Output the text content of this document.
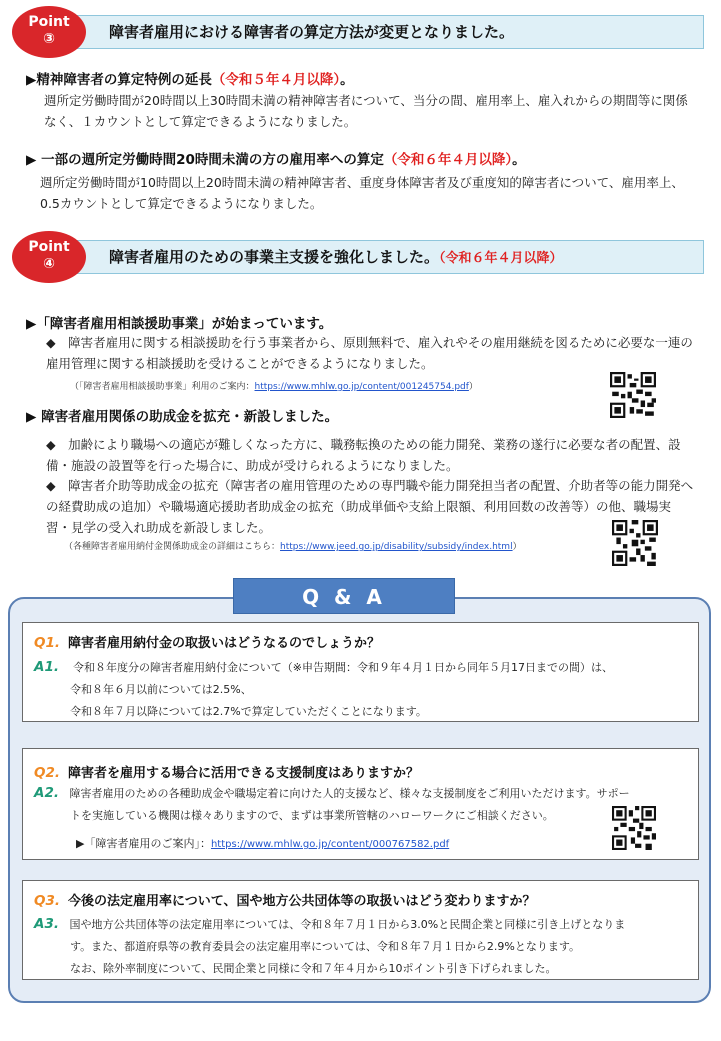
Point
③	障害者雇用における障害者の算定方法が変更となりました。
▶精神障害者の算定特例の延長（令和５年４月以降）。
週所定労働時間が20時間以上30時間未満の精神障害者について、当分の間、雇用率上、雇入れからの期間等に関係なく、１カウントとして算定できるようになりました。
▶ 一部の週所定労働時間20時間未満の方の雇用率への算定（令和６年４月以降）。
週所定労働時間が10時間以上20時間未満の精神障害者、重度身体障害者及び重度知的障害者について、雇用率上、0.5カウントとして算定できるようになりました。
Point
④	障害者雇用のための事業主支援を強化しました。（令和６年４月以降）
▶「障害者雇用相談援助事業」が始まっています。
◆　障害者雇用に関する相談援助を行う事業者から、原則無料で、雇入れやその雇用継続を図るために必要な一連の雇用管理に関する相談援助を受けることができるようになりました。
（「障害者雇用相談援助事業」利用のご案内：https://www.mhlw.go.jp/content/001245754.pdf）
▶ 障害者雇用関係の助成金を拡充・新設しました。
◆　加齢により職場への適応が難しくなった方に、職務転換のための能力開発、業務の遂行に必要な者の配置、設備・施設の設置等を行った場合に、助成が受けられるようになりました。
◆　障害者介助等助成金の拡充（障害者の雇用管理のための専門職や能力開発担当者の配置、介助者等の能力開発への経費助成の追加）や職場適応援助者助成金の拡充（助成単価や支給上限額、利用回数の改善等）の他、職場実習・見学の受入れ助成を新設しました。
（各種障害者雇用納付金関係助成金の詳細はこちら：https://www.jeed.go.jp/disability/subsidy/index.html）
Q & A
Q1. 障害者雇用納付金の取扱いはどうなるのでしょうか？
A1. 令和８年度分の障害者雇用納付金について（※申告期間：令和９年４月１日から同年５月17日までの間）は、
令和８年６月以前については2.5%、
令和８年７月以降については2.7%で算定していただくことになります。
Q2. 障害者を雇用する場合に活用できる支援制度はありますか？
A2. 障害者雇用のための各種助成金や職場定着に向けた人的支援など、様々な支援制度をご利用いただけます。サポー
トを実施している機関は様々ありますので、まずは事業所管轄のハローワークにご相談ください。
▶「障害者雇用のご案内」：https://www.mhlw.go.jp/content/000767582.pdf
Q3. 今後の法定雇用率について、国や地方公共団体等の取扱いはどう変わりますか？
A3. 国や地方公共団体等の法定雇用率については、令和８年７月１日から3.0%と民間企業と同様に引き上げとなりま
す。また、都道府県等の教育委員会の法定雇用率については、令和８年７月１日から2.9%となります。
なお、除外率制度について、民間企業と同様に令和７年４月から10ポイント引き下げられました。
